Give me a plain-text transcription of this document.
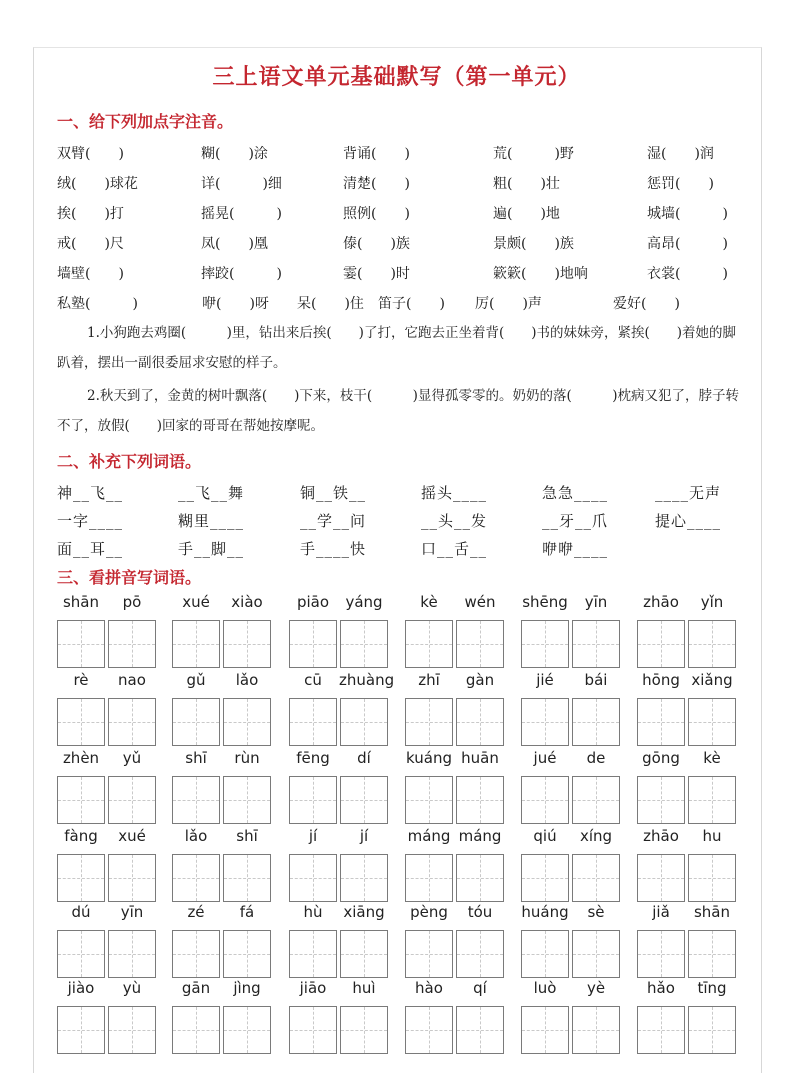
三上语文单元基础默写（第一单元）
一、给下列加点字注音。
双臂(　　)	糊(　　)涂	背诵(　　)	荒(　　　)野	湿(　　)润
绒(　　)球花	详(　　　)细	清楚(　　)	粗(　　)壮	惩罚(　　)
挨(　　)打	摇晃(　　　)	照例(　　)	遍(　　)地	城墙(　　　)
戒(　　)尺	凤(　　)凰	傣(　　)族	景颇(　　)族	高昂(　　　)
墙壁(　　)	摔跤(　　　)	霎(　　)时	簌簌(　　)地响	衣裳(　　　)
私塾(　　　)	咿(　　)呀 呆(　　)住 笛子(　　) 厉(　　)声	爱好(　　)
1.小狗跑去鸡圈(　　　)里，钻出来后挨(　　)了打，它跑去正坐着背(　　)书的妹妹旁，紧挨(　　)着她的脚趴着，摆出一副很委屈求安慰的样子。
2.秋天到了，金黄的树叶飘落(　　)下来，枝干(　　　)显得孤零零的。奶奶的落(　　　)枕病又犯了，脖子转不了，放假(　　)回家的哥哥在帮她按摩呢。
二、补充下列词语。
神__飞__	__飞__舞	铜__铁__	摇头____	急急____	____无声
一字____	糊里____	__学__问	__头__发	__牙__爪	提心____
面__耳__	手__脚__	手____快	口__舌__	咿咿____
三、看拼音写词语。
shān	pō	xué	xiào	piāo	yáng	kè	wén	shēng	yīn	zhāo	yǐn
rè	nao	gǔ	lǎo	cū	zhuàng	zhī	gàn	jié	bái	hōng xiǎng
zhèn	yǔ	shī	rùn	fēng	dí	kuáng huān	jué	de	gōng	kè
fàng	xué	lǎo	shī	jí	jí	máng máng	qiú	xíng	zhāo	hu
dú	yīn	zé	fá	hù	xiāng	pèng	tóu	huáng	sè	jiǎ	shān
jiào	yù	gān	jìng	jiāo	huì	hào	qí	luò	yè	hǎo	tīng
